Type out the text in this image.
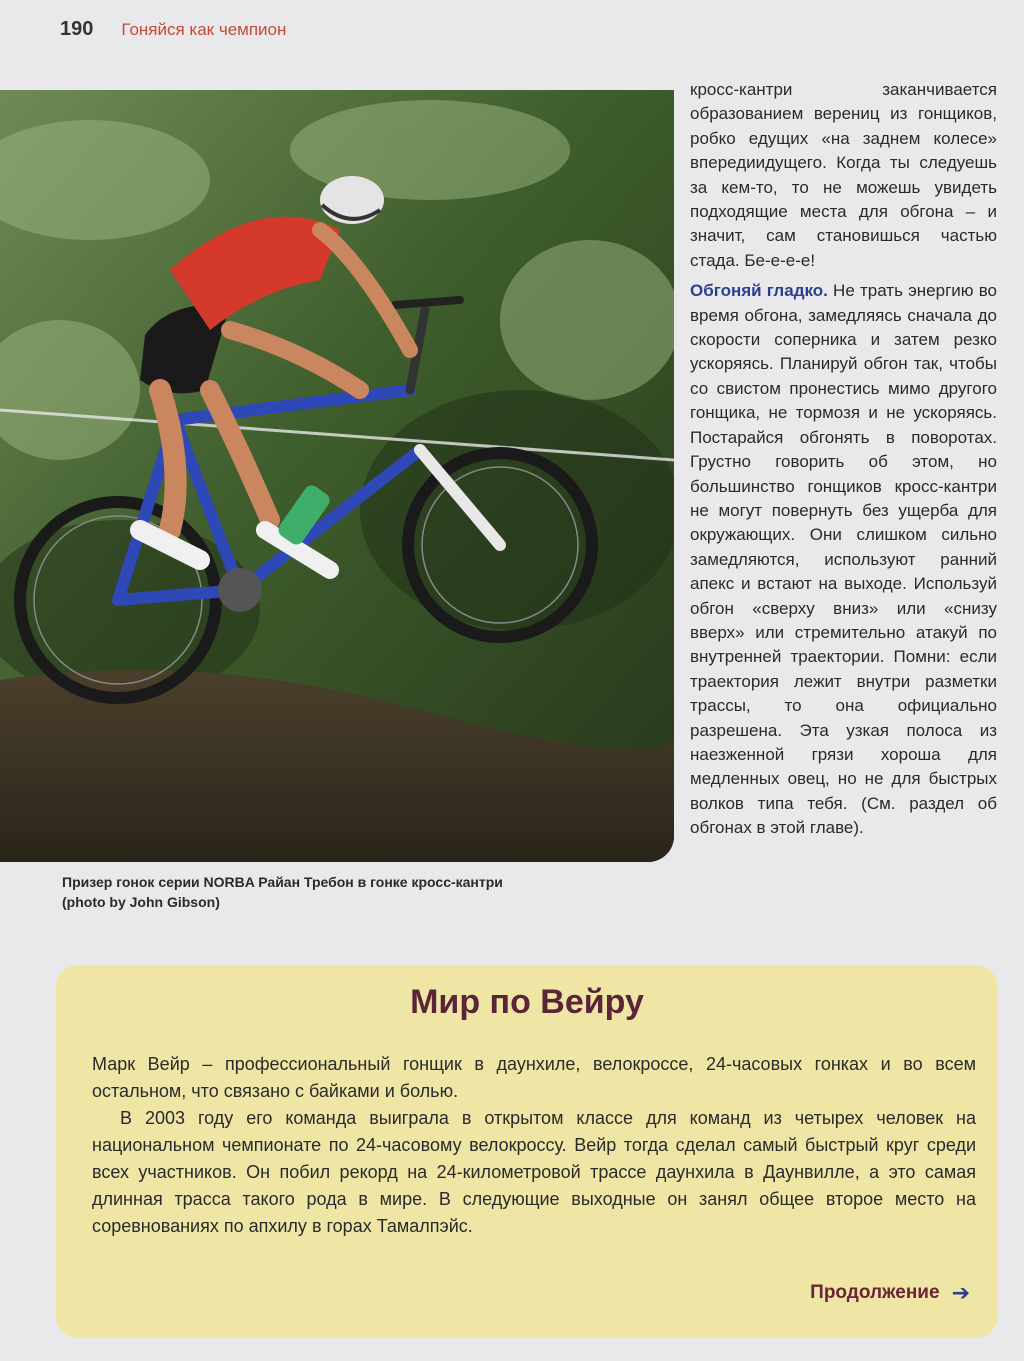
190 Гоняйся как чемпион
Призер гонок серии NORBA Райан Требон в гонке кросс-кантри
(photo by John Gibson)

кросс-кантри заканчивается образованием верениц из гонщиков, робко едущих «на заднем колесе» впередиидущего. Когда ты следуешь за кем-то, то не можешь увидеть подходящие места для обгона – и значит, сам становишься частью стада. Бе-е-е-е!

Обгоняй гладко. Не трать энергию во время обгона, замедляясь сначала до скорости соперника и затем резко ускоряясь. Планируй обгон так, чтобы со свистом пронестись мимо другого гонщика, не тормозя и не ускоряясь. Постарайся обгонять в поворотах. Грустно говорить об этом, но большинство гонщиков кросс-кантри не могут повернуть без ущерба для окружающих. Они слишком сильно замедляются, используют ранний апекс и встают на выходе. Используй обгон «сверху вниз» или «снизу вверх» или стремительно атакуй по внутренней траектории. Помни: если траектория лежит внутри разметки трассы, то она официально разрешена. Эта узкая полоса из наезженной грязи хороша для медленных овец, но не для быстрых волков типа тебя. (См. раздел об обгонах в этой главе).

Мир по Вейру

Марк Вейр – профессиональный гонщик в даунхиле, велокроссе, 24-часовых гонках и во всем остальном, что связано с байками и болью.

В 2003 году его команда выиграла в открытом классе для команд из четырех человек на национальном чемпионате по 24-часовому велокроссу. Вейр тогда сделал самый быстрый круг среди всех участников. Он побил рекорд на 24-километровой трассе даунхила в Даунвилле, а это самая длинная трасса такого рода в мире. В следующие выходные он занял общее второе место на соревнованиях по апхилу в горах Тамалпэйс.

Продолжение ➔
